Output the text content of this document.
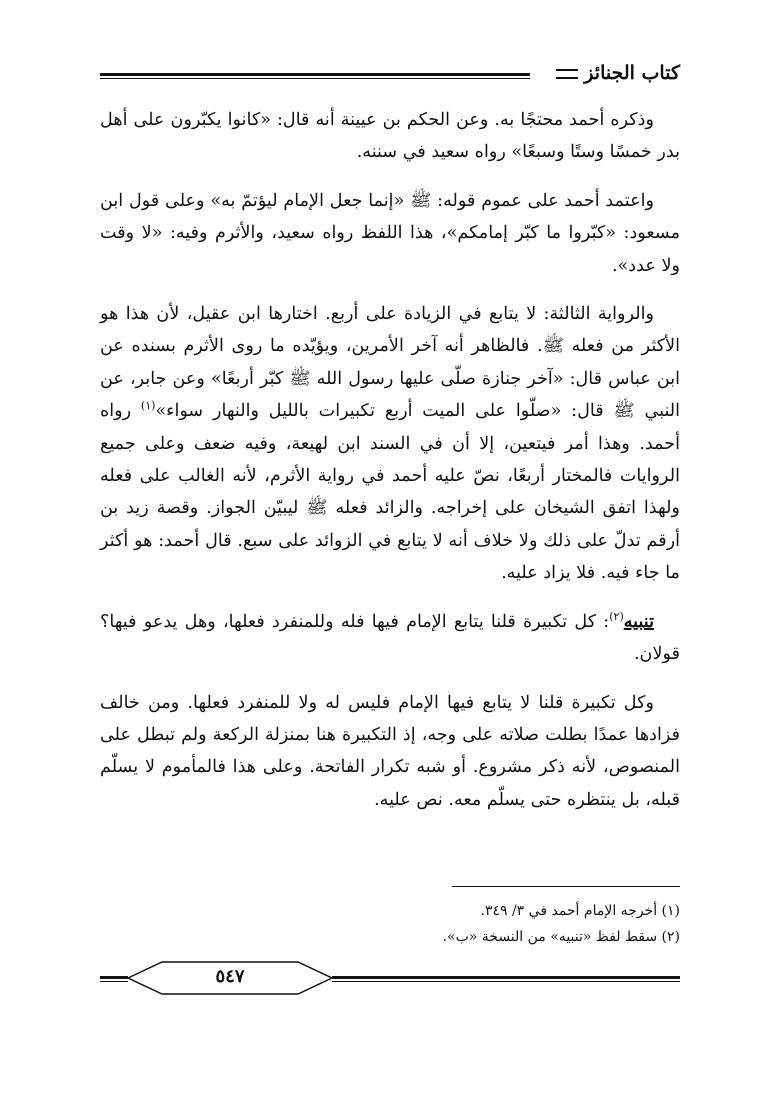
كتاب الجنائز

وذكره أحمد محتجًا به. وعن الحكم بن عيينة أنه قال: «كانوا يكبّرون على أهل بدر خمسًا وستًا وسبعًا» رواه سعيد في سننه.

واعتمد أحمد على عموم قوله: ﷺ «إنما جعل الإمام ليؤتمّ به» وعلى قول ابن مسعود: «كبّروا ما كبّر إمامكم»، هذا اللفظ رواه سعيد، والأثرم وفيه: «لا وقت ولا عدد».

والرواية الثالثة: لا يتابع في الزيادة على أربع. اختارها ابن عقيل، لأن هذا هو الأكثر من فعله ﷺ. فالظاهر أنه آخر الأمرين، ويؤيّده ما روى الأثرم بسنده عن ابن عباس قال: «آخر جنازة صلّى عليها رسول الله ﷺ كبّر أربعًا» وعن جابر، عن النبي ﷺ قال: «صلّوا على الميت أربع تكبيرات بالليل والنهار سواء»$^{(١)}$ رواه أحمد. وهذا أمر فيتعين، إلا أن في السند ابن لهيعة، وفيه ضعف وعلى جميع الروايات فالمختار أربعًا، نصّ عليه أحمد في رواية الأثرم، لأنه الغالب على فعله ولهذا اتفق الشيخان على إخراجه. والزائد فعله ﷺ ليبيّن الجواز. وقصة زيد بن أرقم تدلّ على ذلك ولا خلاف أنه لا يتابع في الزوائد على سبع. قال أحمد: هو أكثر ما جاء فيه. فلا يزاد عليه.

تنبيه$^{(٢)}$: كل تكبيرة قلنا يتابع الإمام فيها فله وللمنفرد فعلها، وهل يدعو فيها؟ قولان.

وكل تكبيرة قلنا لا يتابع فيها الإمام فليس له ولا للمنفرد فعلها. ومن خالف فزادها عمدًا بطلت صلاته على وجه، إذ التكبيرة هنا بمنزلة الركعة ولم تبطل على المنصوص، لأنه ذكر مشروع. أو شبه تكرار الفاتحة. وعلى هذا فالمأموم لا يسلّم قبله، بل ينتظره حتى يسلّم معه. نص عليه.

(١) أخرجه الإمام أحمد في ٣/ ٣٤٩.
(٢) سقط لفظ «تنبيه» من النسخة «ب».
٥٤٧
